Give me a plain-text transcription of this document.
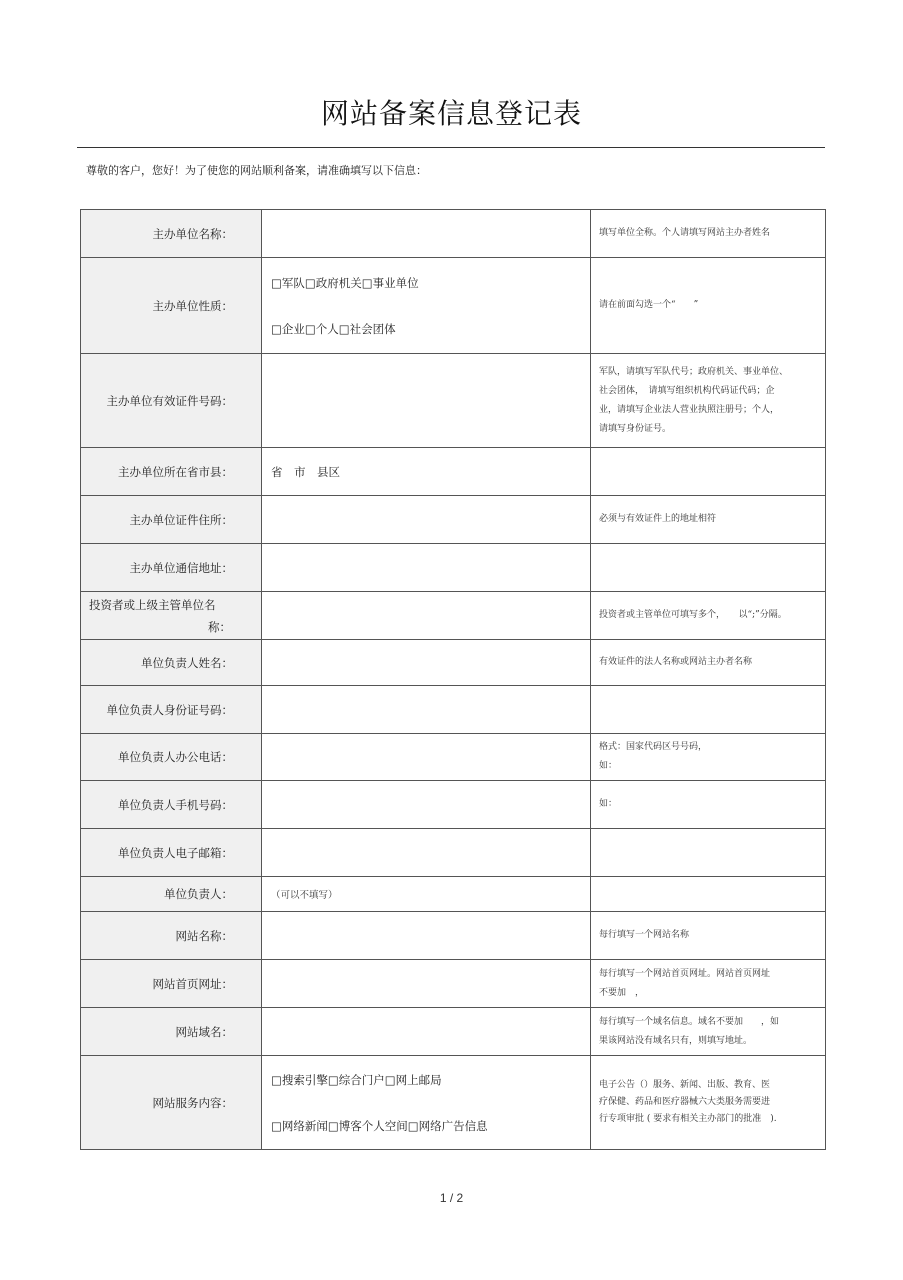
网站备案信息登记表
尊敬的客户，您好！为了使您的网站顺利备案，请准确填写以下信息：
主办单位名称：		填写单位全称。个人请填写网站主办者姓名
主办单位性质：	□军队□政府机关□事业单位
□企业□个人□社会团体	请在前面勾选一个“　　”
主办单位有效证件号码：		军队，请填写军队代号；政府机关、事业单位、
社会团体，　请填写组织机构代码证代码；企
业，请填写企业法人营业执照注册号；个人，
请填写身份证号。

主办单位所在省市县：	省　市　县区	
主办单位证件住所：		必须与有效证件上的地址相符
主办单位通信地址：		

投资者或上级主管单位名
称：		投资者或主管单位可填写多个，　　以“;”分隔。
单位负责人姓名：		有效证件的法人名称或网站主办者名称
单位负责人身份证号码：		
单位负责人办公电话：		格式：国家代码区号号码，
如：

单位负责人手机号码：		如：
单位负责人电子邮箱：		
单位负责人：	（可以不填写）	
网站名称：		每行填写一个网站名称
网站首页网址：		每行填写一个网站首页网址。网站首页网址
不要加　，

网站域名：		每行填写一个域名信息。域名不要加　　，如
果该网站没有域名只有，则填写地址。

网站服务内容：	□搜索引擎□综合门户□网上邮局
□网络新闻□博客个人空间□网络广告信息	电子公告（）服务、新闻、出版、教育、医
疗保健、药品和医疗器械六大类服务需要进
行专项审批 ( 要求有相关主办部门的批准　).
1 / 2
